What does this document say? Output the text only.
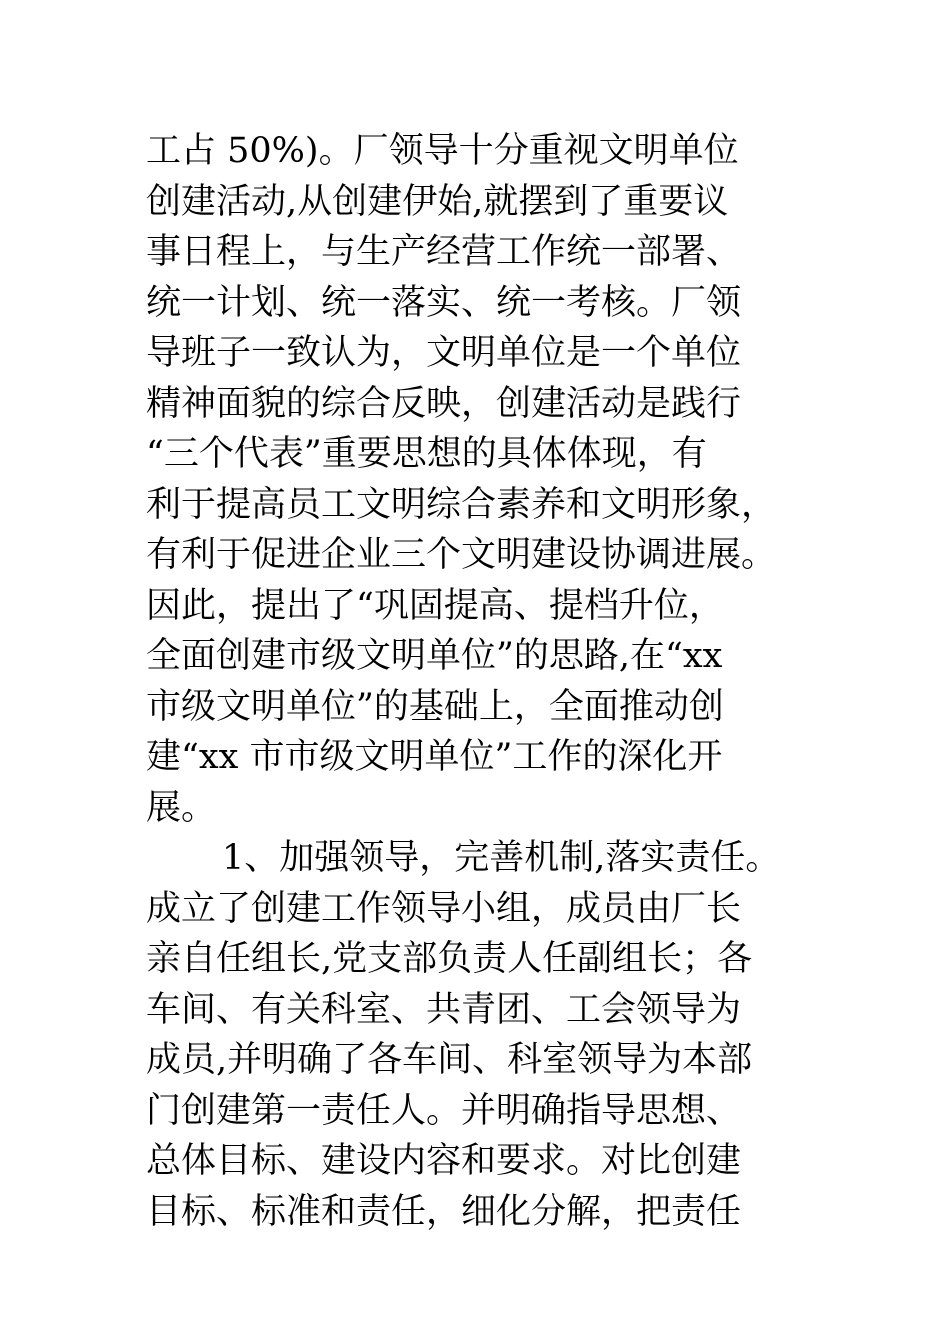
工占 50%)。厂领导十分重视文明单位
创建活动,从创建伊始,就摆到了重要议
事日程上，与生产经营工作统一部署、
统一计划、统一落实、统一考核。厂领
导班子一致认为，文明单位是一个单位
精神面貌的综合反映，创建活动是践行
“三个代表”重要思想的具体体现，有
利于提高员工文明综合素养和文明形象，
有利于促进企业三个文明建设协调进展。
因此，提出了“巩固提高、提档升位，
全面创建市级文明单位”的思路,在“xx
市级文明单位”的基础上，全面推动创
建“xx 市市级文明单位”工作的深化开
展。
1、加强领导，完善机制,落实责任。
成立了创建工作领导小组，成员由厂长
亲自任组长,党支部负责人任副组长；各
车间、有关科室、共青团、工会领导为
成员,并明确了各车间、科室领导为本部
门创建第一责任人。并明确指导思想、
总体目标、建设内容和要求。对比创建
目标、标准和责任，细化分解，把责任
